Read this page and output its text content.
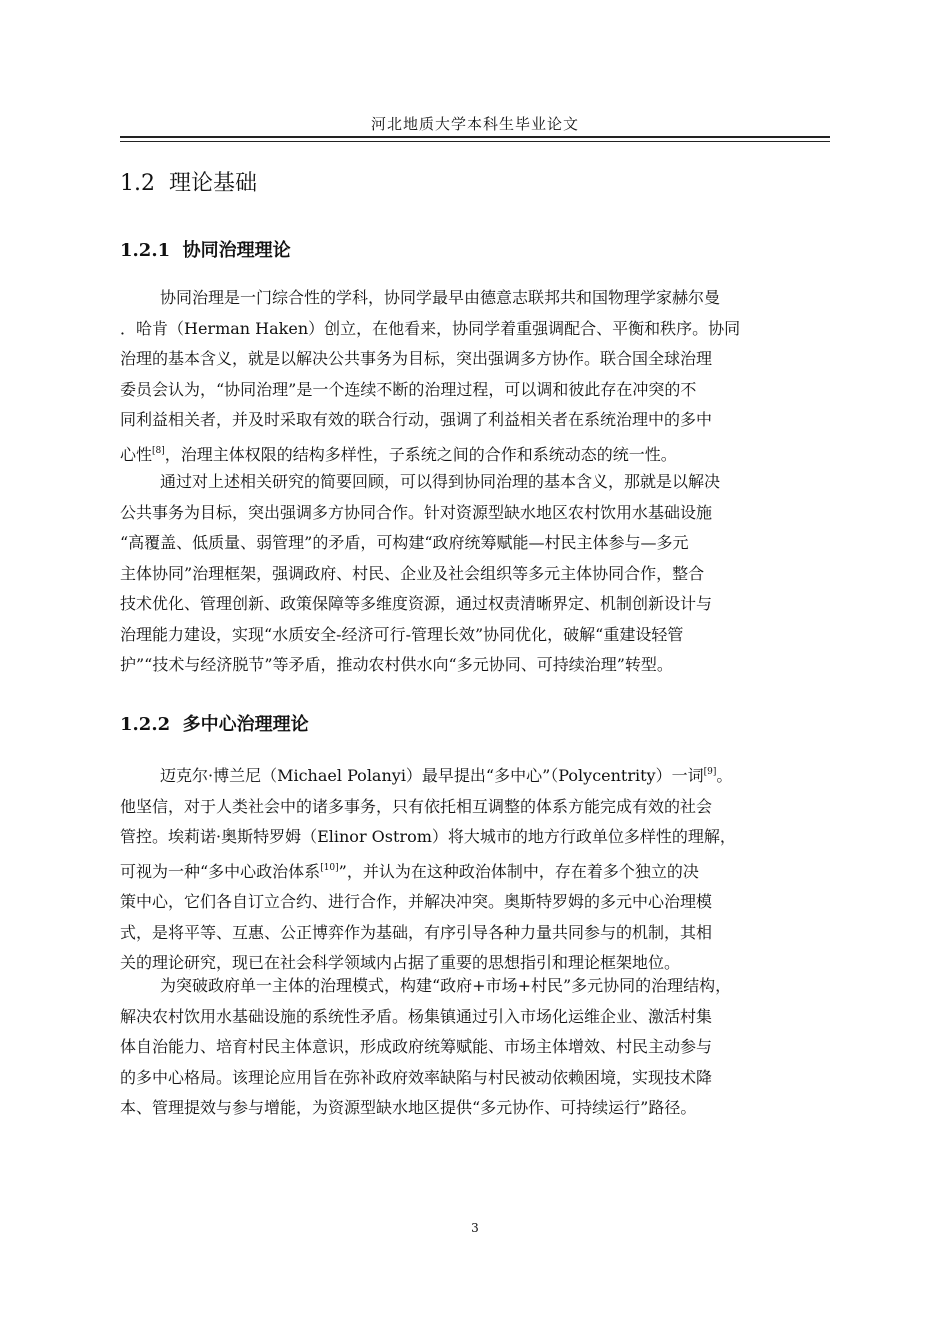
河北地质大学本科生毕业论文
1.2 理论基础
1.2.1 协同治理理论
协同治理是一门综合性的学科，协同学最早由德意志联邦共和国物理学家赫尔曼
．哈肯（Herman Haken）创立，在他看来，协同学着重强调配合、平衡和秩序。协同
治理的基本含义，就是以解决公共事务为目标，突出强调多方协作。联合国全球治理
委员会认为，“协同治理”是一个连续不断的治理过程，可以调和彼此存在冲突的不
同利益相关者，并及时采取有效的联合行动，强调了利益相关者在系统治理中的多中
心性[8]，治理主体权限的结构多样性，子系统之间的合作和系统动态的统一性。
通过对上述相关研究的简要回顾，可以得到协同治理的基本含义，那就是以解决
公共事务为目标，突出强调多方协同合作。针对资源型缺水地区农村饮用水基础设施
“高覆盖、低质量、弱管理”的矛盾，可构建“政府统筹赋能—村民主体参与—多元
主体协同”治理框架，强调政府、村民、企业及社会组织等多元主体协同合作，整合
技术优化、管理创新、政策保障等多维度资源，通过权责清晰界定、机制创新设计与
治理能力建设，实现“水质安全-经济可行-管理长效”协同优化，破解“重建设轻管
护”“技术与经济脱节”等矛盾，推动农村供水向“多元协同、可持续治理”转型。
1.2.2 多中心治理理论
迈克尔·博兰尼（Michael Polanyi）最早提出“多中心”（Polycentrity）一词[9]。
他坚信，对于人类社会中的诸多事务，只有依托相互调整的体系方能完成有效的社会
管控。埃莉诺·奥斯特罗姆（Elinor Ostrom）将大城市的地方行政单位多样性的理解，
可视为一种“多中心政治体系[10]”，并认为在这种政治体制中，存在着多个独立的决
策中心，它们各自订立合约、进行合作，并解决冲突。奥斯特罗姆的多元中心治理模
式，是将平等、互惠、公正博弈作为基础，有序引导各种力量共同参与的机制，其相
关的理论研究，现已在社会科学领域内占据了重要的思想指引和理论框架地位。
为突破政府单一主体的治理模式，构建“政府+市场+村民”多元协同的治理结构，
解决农村饮用水基础设施的系统性矛盾。杨集镇通过引入市场化运维企业、激活村集
体自治能力、培育村民主体意识，形成政府统筹赋能、市场主体增效、村民主动参与
的多中心格局。该理论应用旨在弥补政府效率缺陷与村民被动依赖困境，实现技术降
本、管理提效与参与增能，为资源型缺水地区提供“多元协作、可持续运行”路径。
3
